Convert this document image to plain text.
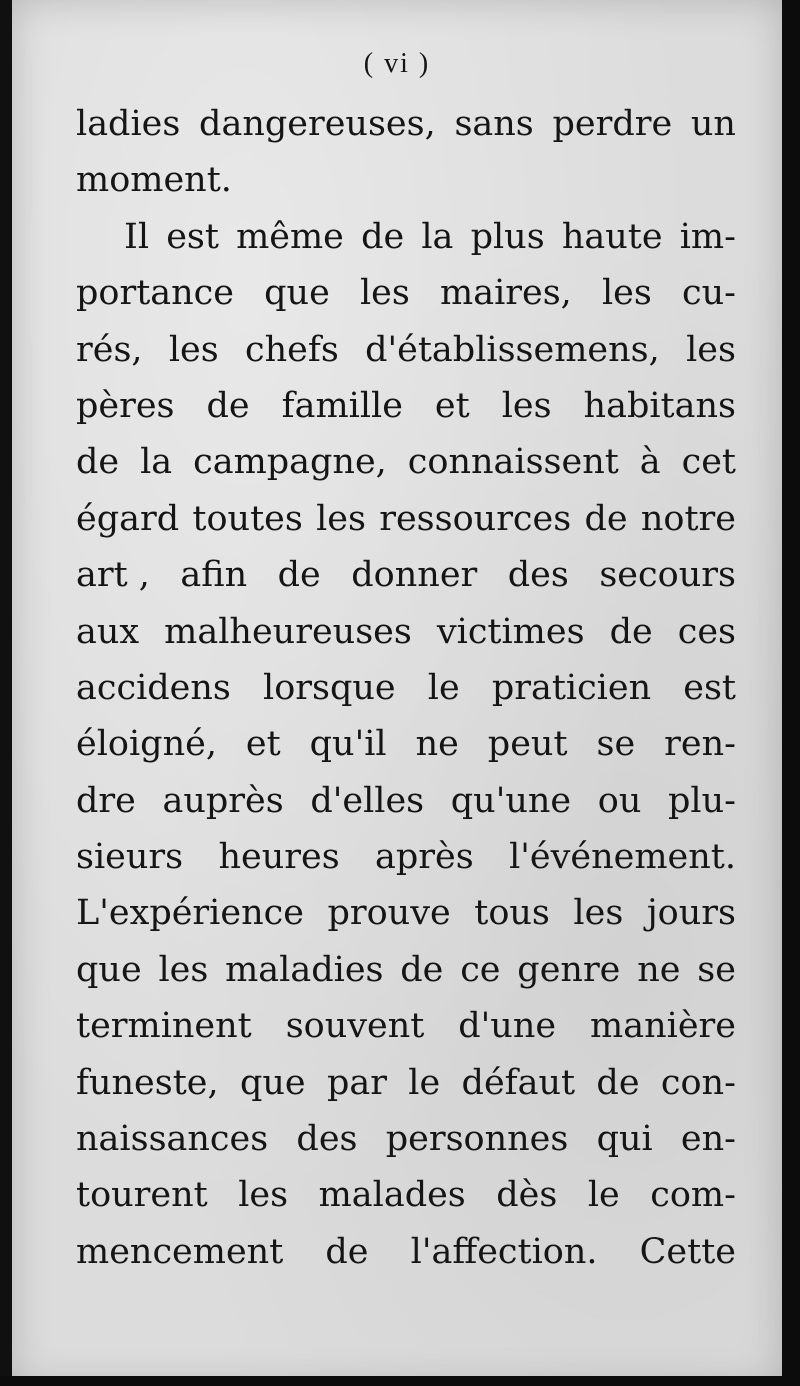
( vi )
ladies dangereuses, sans perdre un
moment.
Il est même de la plus haute im-
portance que les maires, les cu-
rés, les chefs d'établissemens, les
pères de famille et les habitans
de la campagne, connaissent à cet
égard toutes les ressources de notre
art , afin de donner des secours
aux malheureuses victimes de ces
accidens lorsque le praticien est
éloigné, et qu'il ne peut se ren-
dre auprès d'elles qu'une ou plu-
sieurs heures après l'événement.
L'expérience prouve tous les jours
que les maladies de ce genre ne se
terminent souvent d'une manière
funeste, que par le défaut de con-
naissances des personnes qui en-
tourent les malades dès le com-
mencement de l'affection. Cette
